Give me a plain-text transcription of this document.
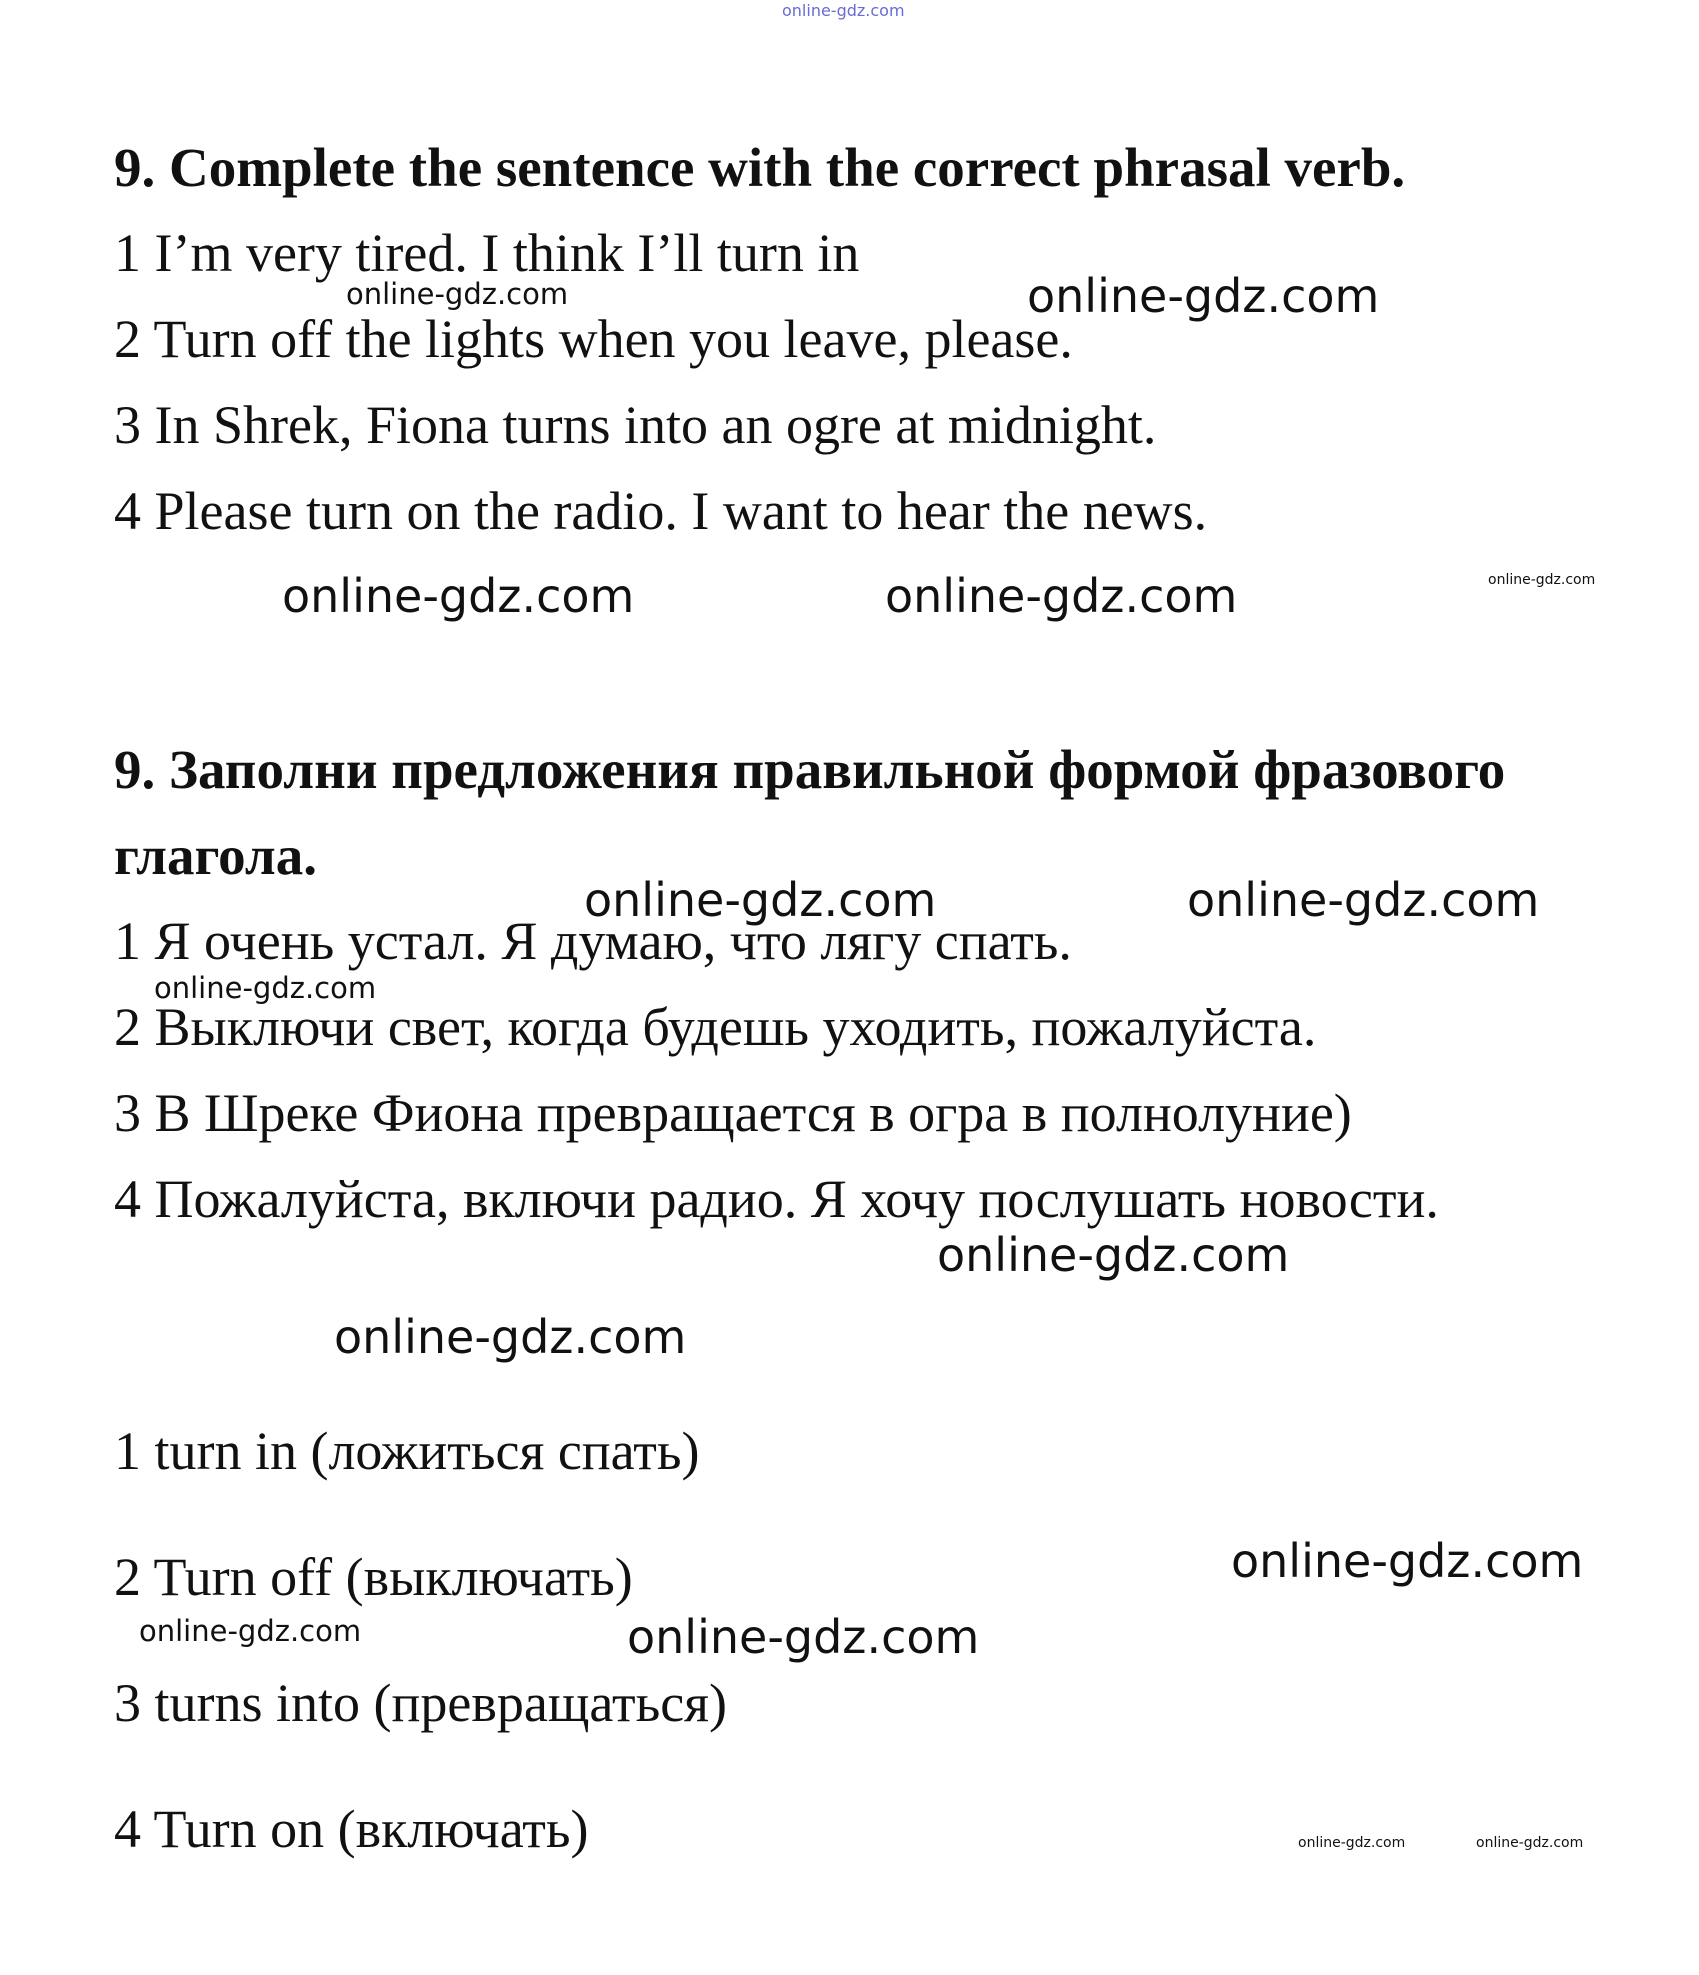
online-gdz.com
9. Complete the sentence with the correct phrasal verb.
1 I’m very tired. I think I’ll turn in
2 Turn off the lights when you leave, please.
3 In Shrek, Fiona turns into an ogre at midnight.
4 Please turn on the radio. I want to hear the news.
9. Заполни предложения правильной формой фразового
глагола.
1 Я очень устал. Я думаю, что лягу спать.
2 Выключи свет, когда будешь уходить, пожалуйста.
3 В Шреке Фиона превращается в огра в полнолуние)
4 Пожалуйста, включи радио. Я хочу послушать новости.
1 turn in (ложиться спать)
2 Turn off (выключать)
3 turns into (превращаться)
4 Turn on (включать)
online-gdz.com	online-gdz.com
online-gdz.com	online-gdz.com	online-gdz.com
online-gdz.com	online-gdz.com
online-gdz.com
online-gdz.com
online-gdz.com
online-gdz.com
online-gdz.com	online-gdz.com
online-gdz.com	online-gdz.com
